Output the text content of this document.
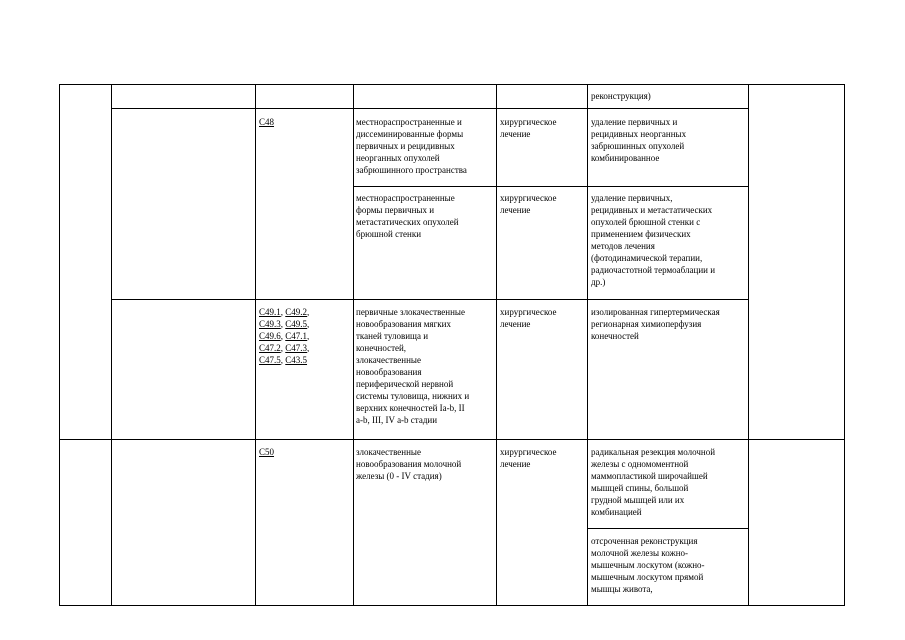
реконструкция)
C48	местнораспространенные и
диссеминированные формы
первичных и рецидивных
неорганных опухолей
забрюшинного пространства
хирургическое
лечение
удаление первичных и
рецидивных неорганных
забрюшинных опухолей
комбинированное
местнораспространенные
формы первичных и
метастатических опухолей
брюшной стенки
хирургическое
лечение
удаление первичных,
рецидивных и метастатических
опухолей брюшной стенки с
применением физических
методов лечения
(фотодинамической терапии,
радиочастотной термоаблации и
др.)
C49.1, C49.2,
C49.3, C49.5,
C49.6, C47.1,
C47.2, C47.3,
C47.5, C43.5
первичные злокачественные
новообразования мягких
тканей туловища и
конечностей,
злокачественные
новообразования
периферической нервной
системы туловища, нижних и
верхних конечностей Ia-b, II
a-b, III, IV a-b стадии
хирургическое
лечение
изолированная гипертермическая
регионарная химиоперфузия
конечностей
C50	злокачественные
новообразования молочной
железы (0 - IV стадия)
хирургическое
лечение
радикальная резекция молочной
железы с одномоментной
маммопластикой широчайшей
мышцей спины, большой
грудной мышцей или их
комбинацией
отсроченная реконструкция
молочной железы кожно-
мышечным лоскутом (кожно-
мышечным лоскутом прямой
мышцы живота,
